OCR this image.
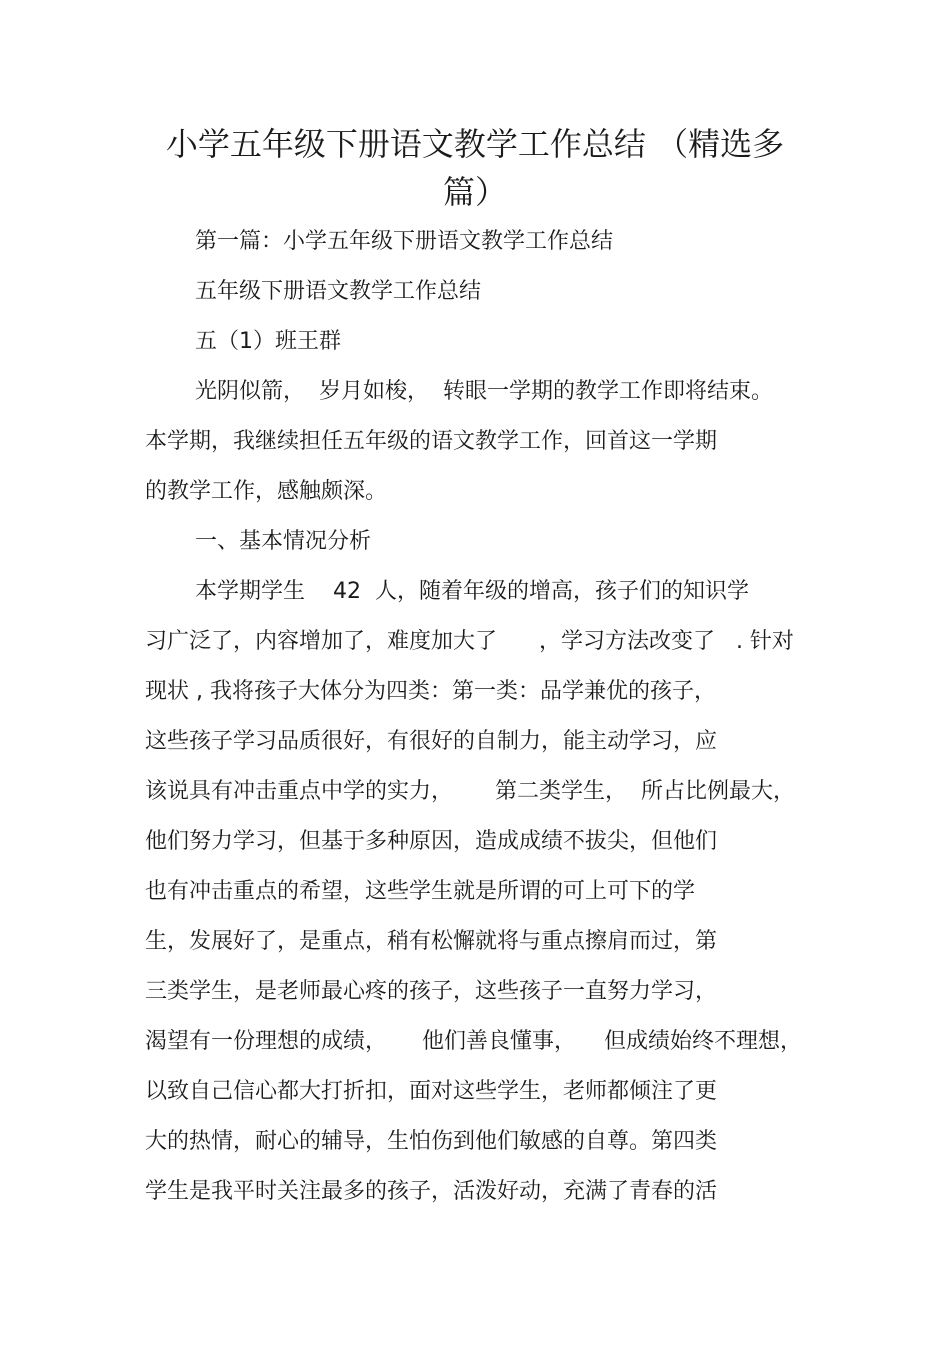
小学五年级下册语文教学工作总结 （精选多
篇）

第一篇：小学五年级下册语文教学工作总结

五年级下册语文教学工作总结

五（1）班王群

光阴似箭，  岁月如梭，  转眼一学期的教学工作即将结束。

本学期，我继续担任五年级的语文教学工作，回首这一学期

的教学工作，感触颇深。

一、基本情况分析

本学期学生    42  人，随着年级的增高，孩子们的知识学

习广泛了，内容增加了，难度加大了      ，学习方法改变了   . 针对

现状 , 我将孩子大体分为四类：第一类：品学兼优的孩子，

这些孩子学习品质很好，有很好的自制力，能主动学习，应

该说具有冲击重点中学的实力，      第二类学生，  所占比例最大，

他们努力学习，但基于多种原因，造成成绩不拔尖，但他们

也有冲击重点的希望，这些学生就是所谓的可上可下的学

生，发展好了，是重点，稍有松懈就将与重点擦肩而过，第

三类学生，是老师最心疼的孩子，这些孩子一直努力学习，

渴望有一份理想的成绩，     他们善良懂事，    但成绩始终不理想，

以致自己信心都大打折扣，面对这些学生，老师都倾注了更

大的热情，耐心的辅导，生怕伤到他们敏感的自尊。第四类

学生是我平时关注最多的孩子，活泼好动，充满了青春的活
